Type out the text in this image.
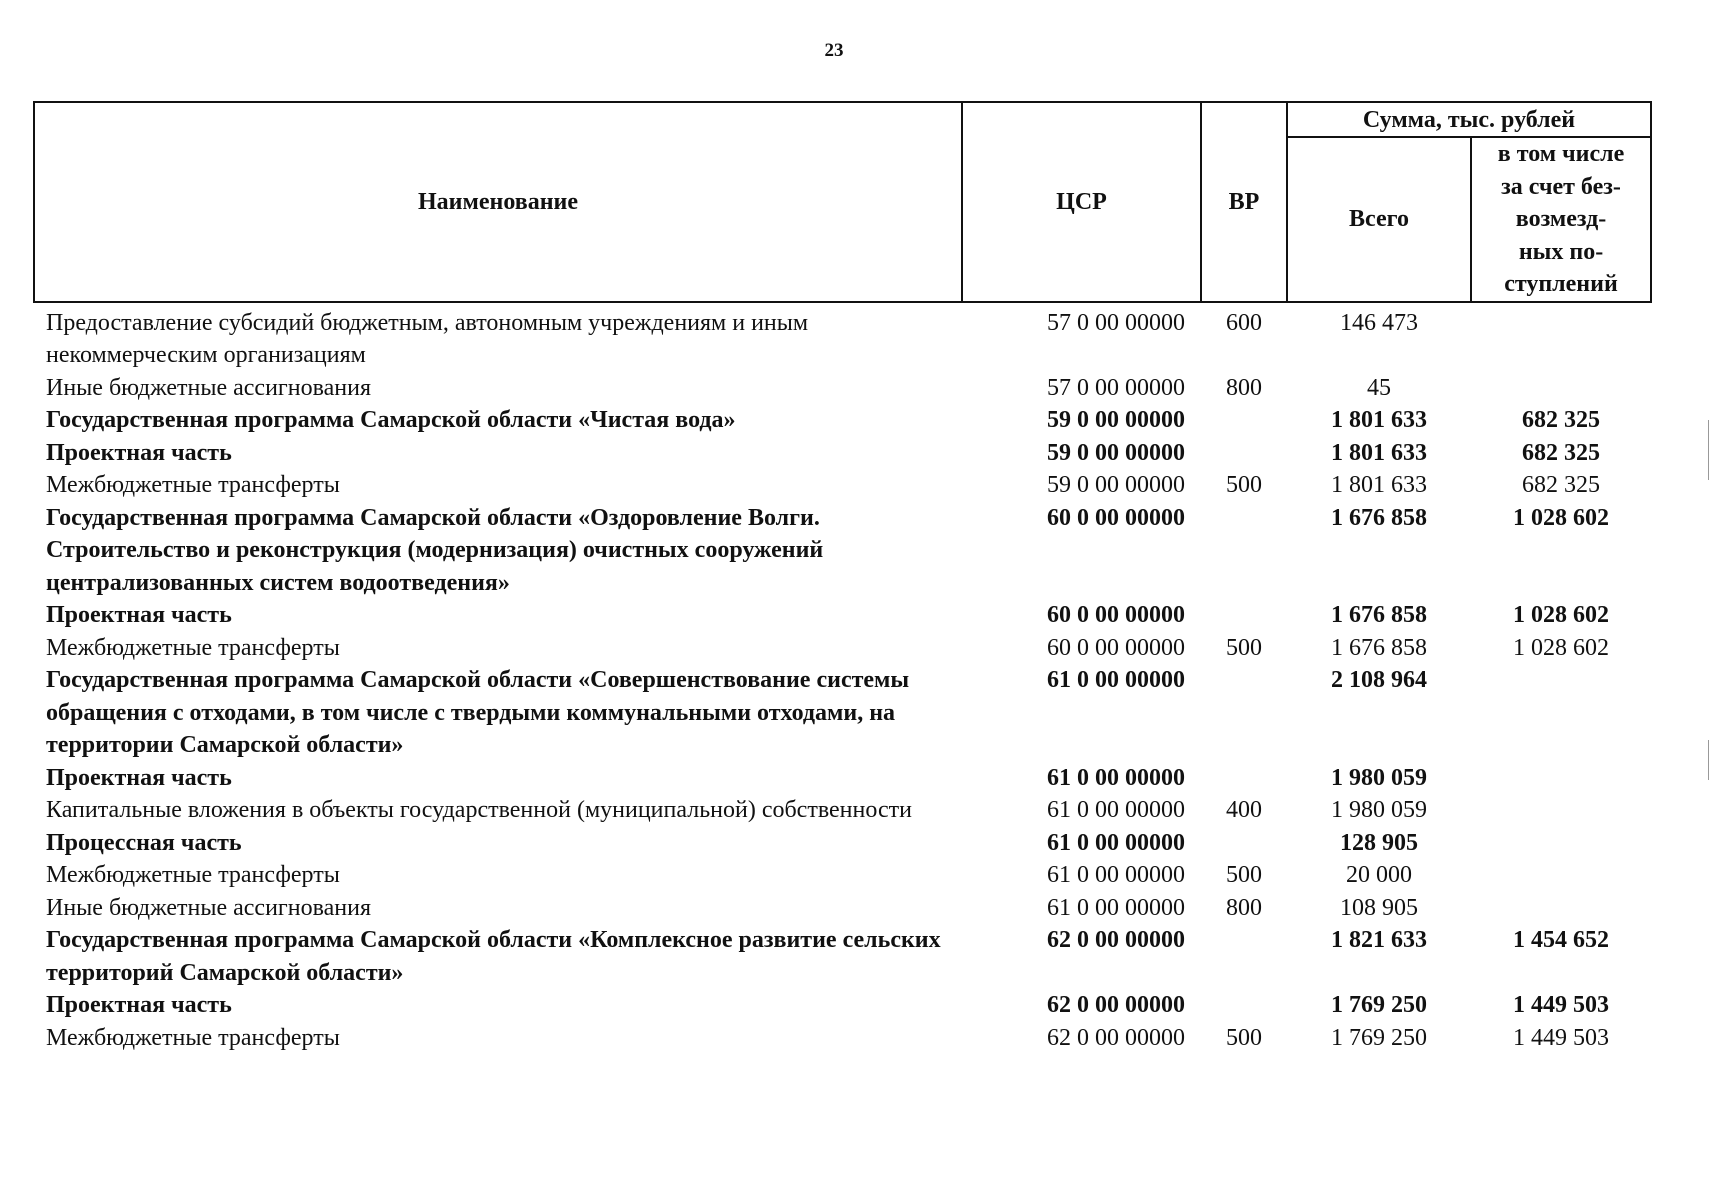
23
Наименование	ЦСР	ВР	Сумма, тыс. рублей	
			Всего	в том числе
за счет без-
возмезд-
ных по-
ступлений

Предоставление субсидий бюджетным, автономным учреждениям и иным некоммерческим организациям	57 0 00 00000	600	146 473	
Иные бюджетные ассигнования	57 0 00 00000	800	45	
Государственная программа Самарской области «Чистая вода»	59 0 00 00000		1 801 633	682 325
Проектная часть	59 0 00 00000		1 801 633	682 325
Межбюджетные трансферты	59 0 00 00000	500	1 801 633	682 325
Государственная программа Самарской области «Оздоровление Волги. Строительство и реконструкция (модернизация) очистных сооружений централизованных систем водоотведения»	60 0 00 00000		1 676 858	1 028 602
Проектная часть	60 0 00 00000		1 676 858	1 028 602
Межбюджетные трансферты	60 0 00 00000	500	1 676 858	1 028 602
Государственная программа Самарской области «Совершенствование системы обращения с отходами, в том числе с твердыми коммунальными отходами, на территории Самарской области»	61 0 00 00000		2 108 964	
Проектная часть	61 0 00 00000		1 980 059	
Капитальные вложения в объекты государственной (муниципальной) собственности	61 0 00 00000	400	1 980 059	
Процессная часть	61 0 00 00000		128 905	
Межбюджетные трансферты	61 0 00 00000	500	20 000	
Иные бюджетные ассигнования	61 0 00 00000	800	108 905	
Государственная программа Самарской области «Комплексное развитие сельских территорий Самарской области»	62 0 00 00000		1 821 633	1 454 652
Проектная часть	62 0 00 00000		1 769 250	1 449 503
Межбюджетные трансферты	62 0 00 00000	500	1 769 250	1 449 503
